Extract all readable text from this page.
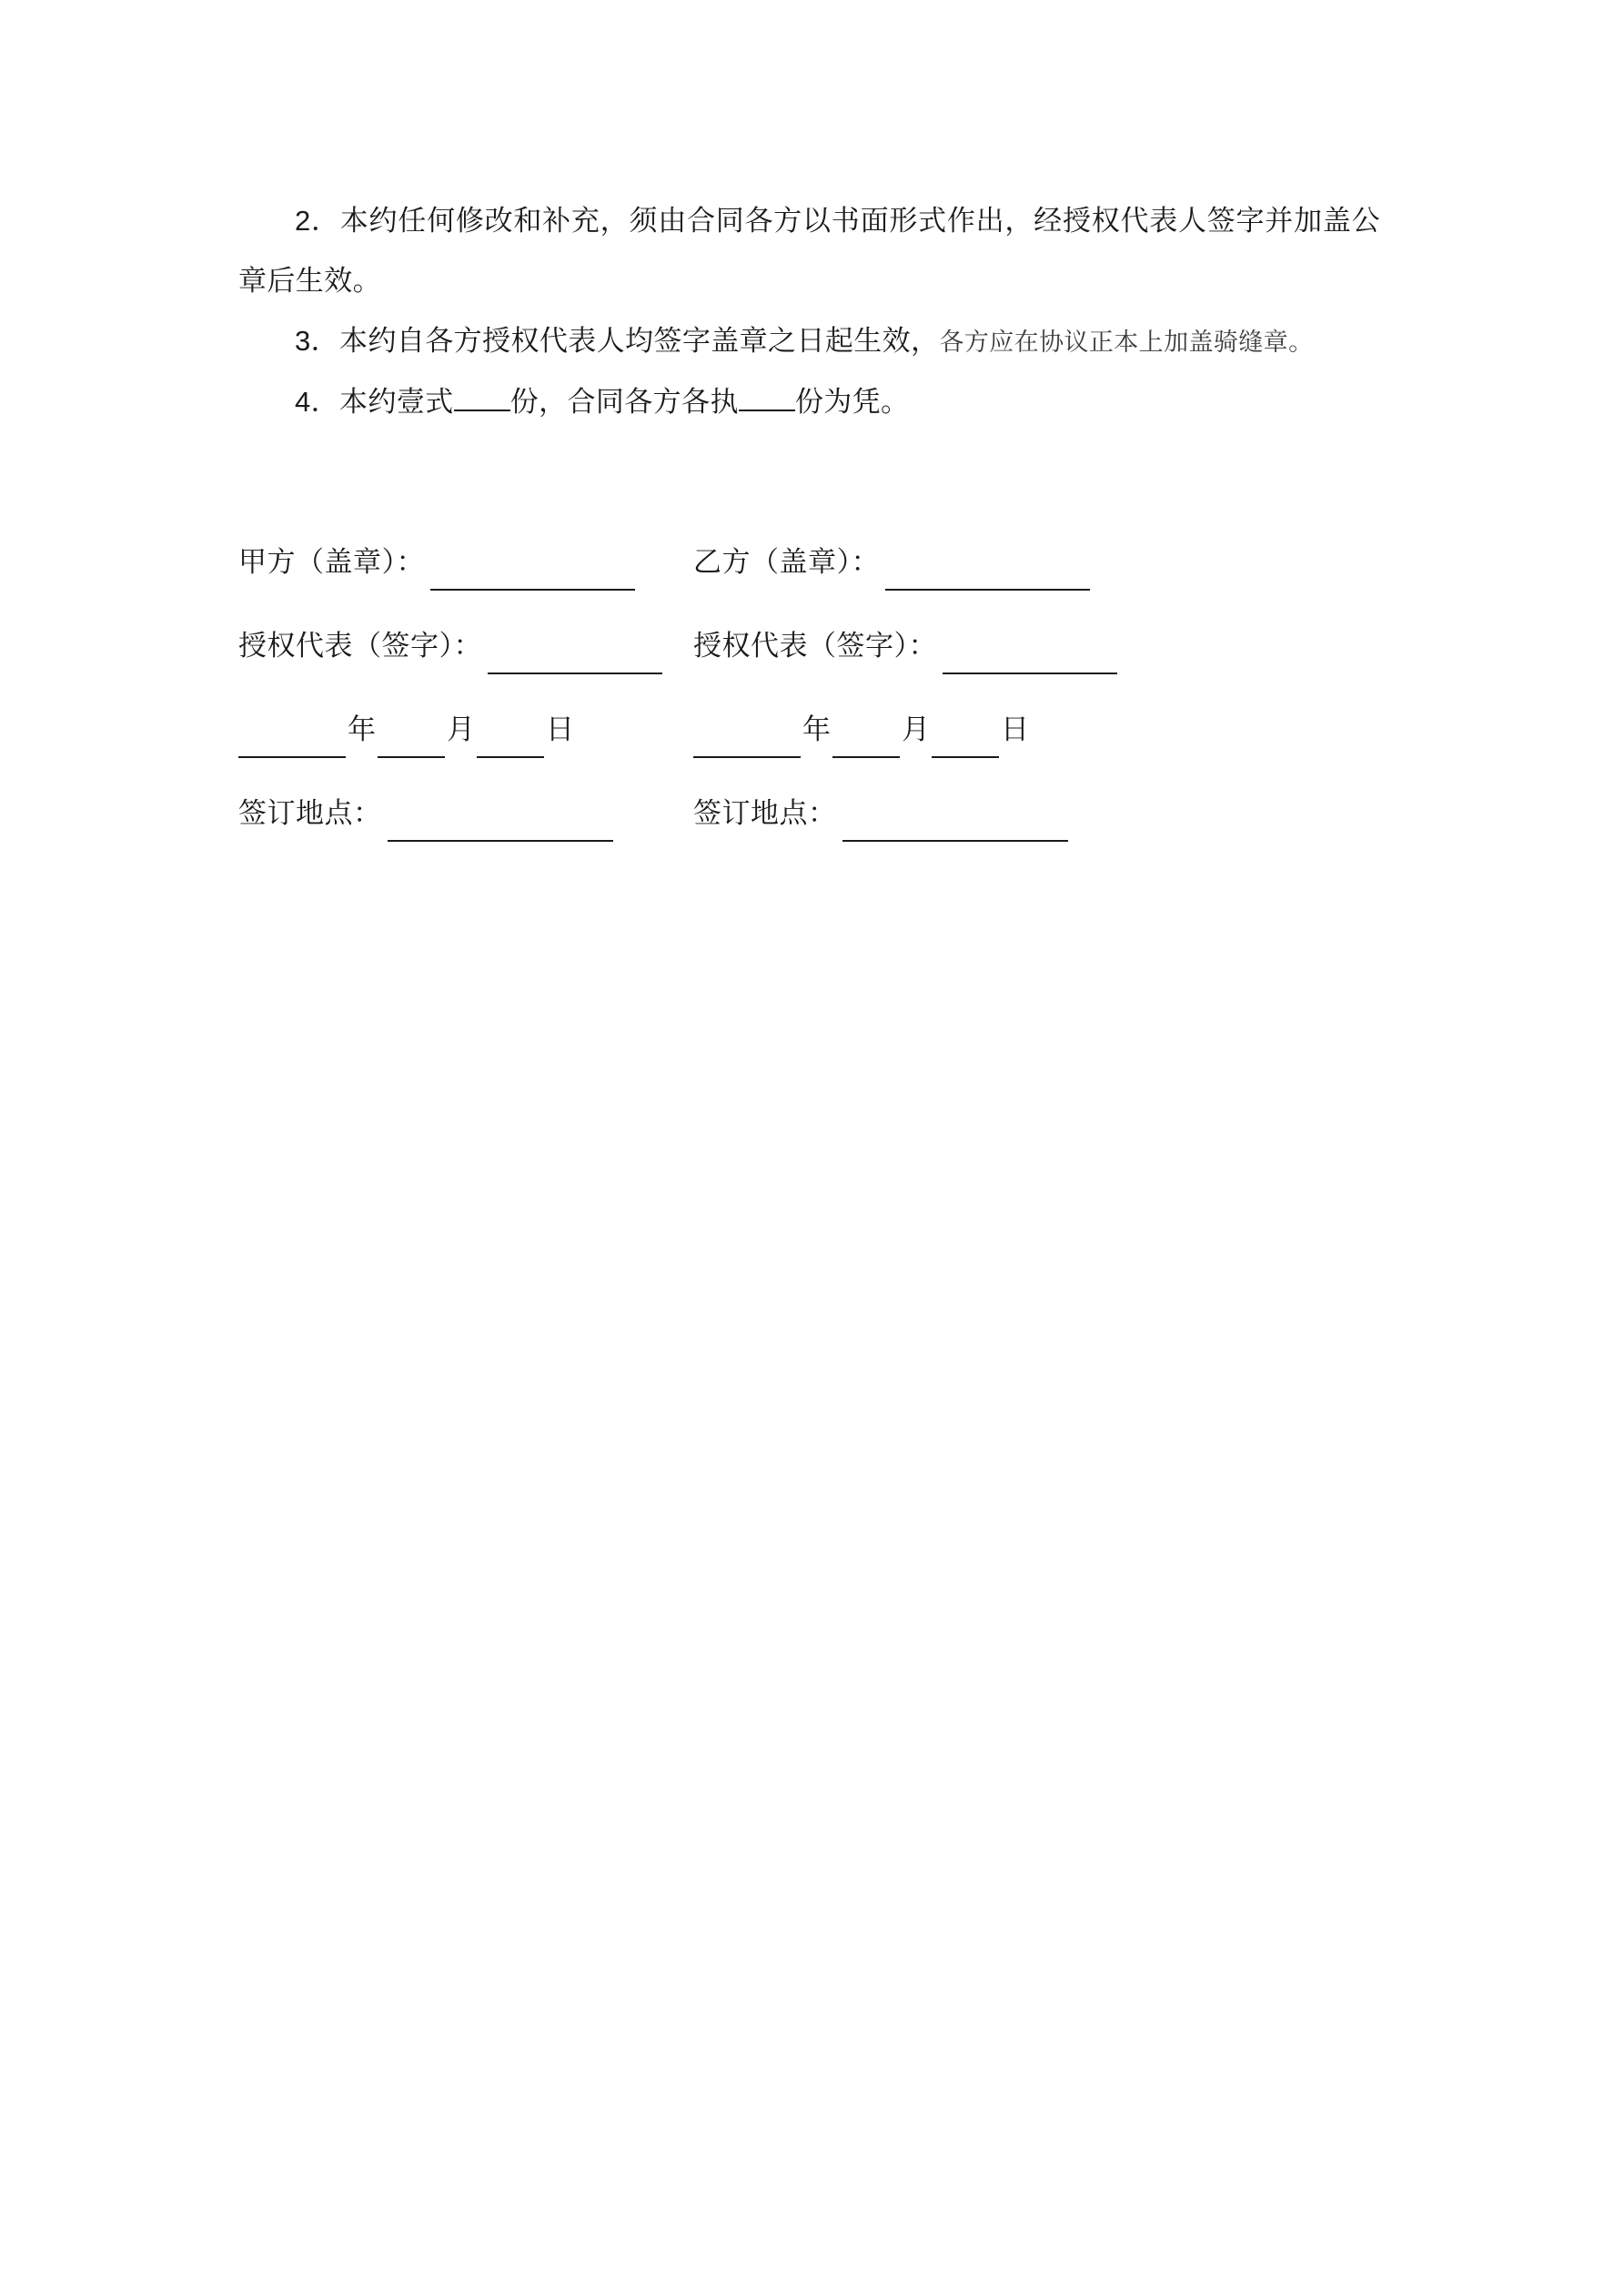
2．本约任何修改和补充，须由合同各方以书面形式作出，经授权代表人签字并加盖公章后生效。

3．本约自各方授权代表人均签字盖章之日起生效，各方应在协议正本上加盖骑缝章。

4．本约壹式 份，合同各方各执 份为凭。

甲方（盖章）：	乙方（盖章）：
授权代表（签字）：	授权代表（签字）：
年	月	日	年	月	日
签订地点：	签订地点：
